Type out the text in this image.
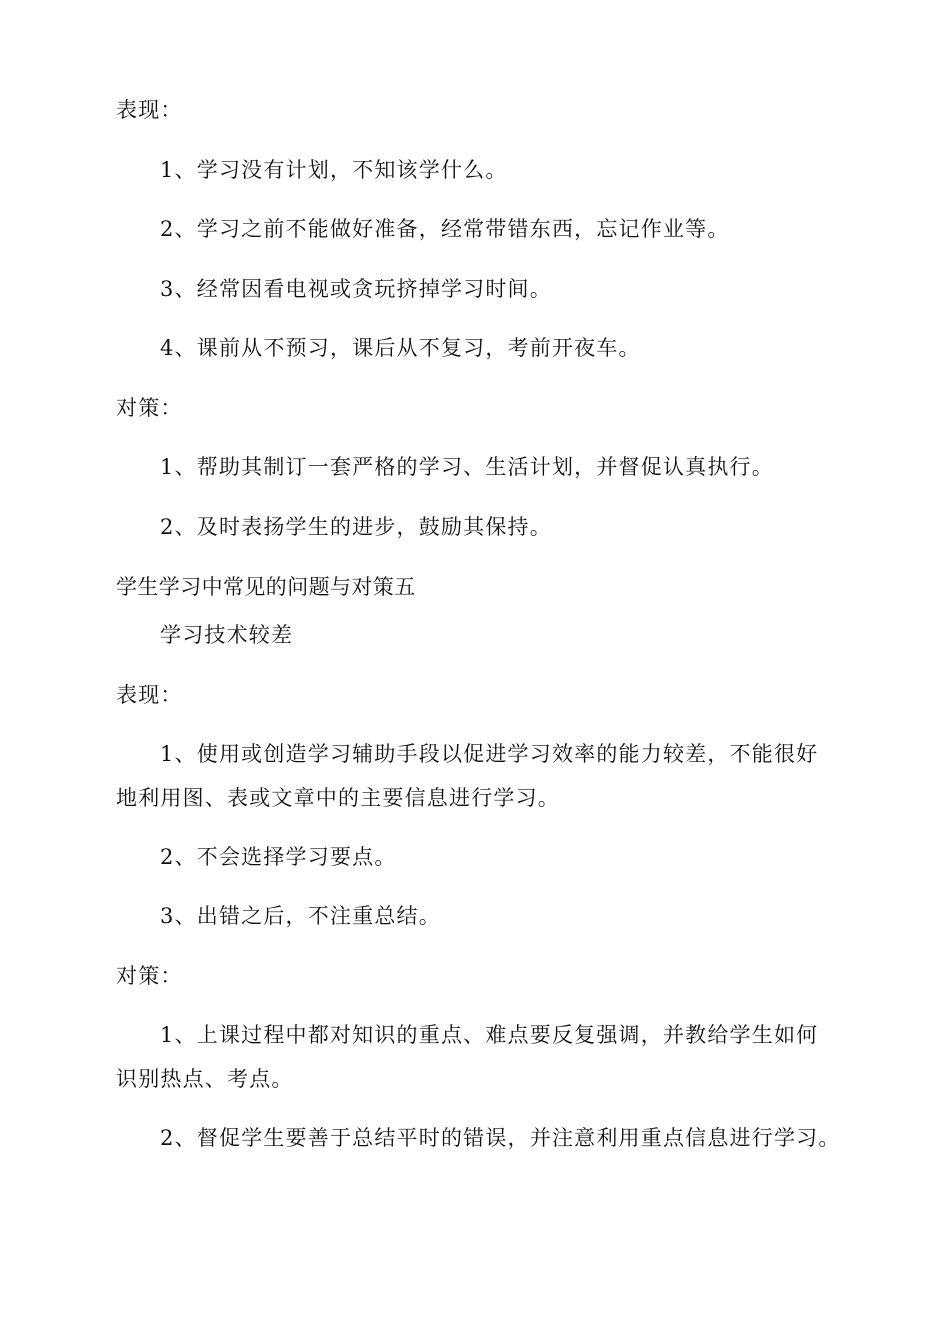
表现：
1、学习没有计划，不知该学什么。
2、学习之前不能做好准备，经常带错东西，忘记作业等。
3、经常因看电视或贪玩挤掉学习时间。
4、课前从不预习，课后从不复习，考前开夜车。
对策：
1、帮助其制订一套严格的学习、生活计划，并督促认真执行。
2、及时表扬学生的进步，鼓励其保持。
学生学习中常见的问题与对策五
学习技术较差
表现：
1、使用或创造学习辅助手段以促进学习效率的能力较差，不能很好
地利用图、表或文章中的主要信息进行学习。
2、不会选择学习要点。
3、出错之后，不注重总结。
对策：
1、上课过程中都对知识的重点、难点要反复强调，并教给学生如何
识别热点、考点。
2、督促学生要善于总结平时的错误，并注意利用重点信息进行学习。
